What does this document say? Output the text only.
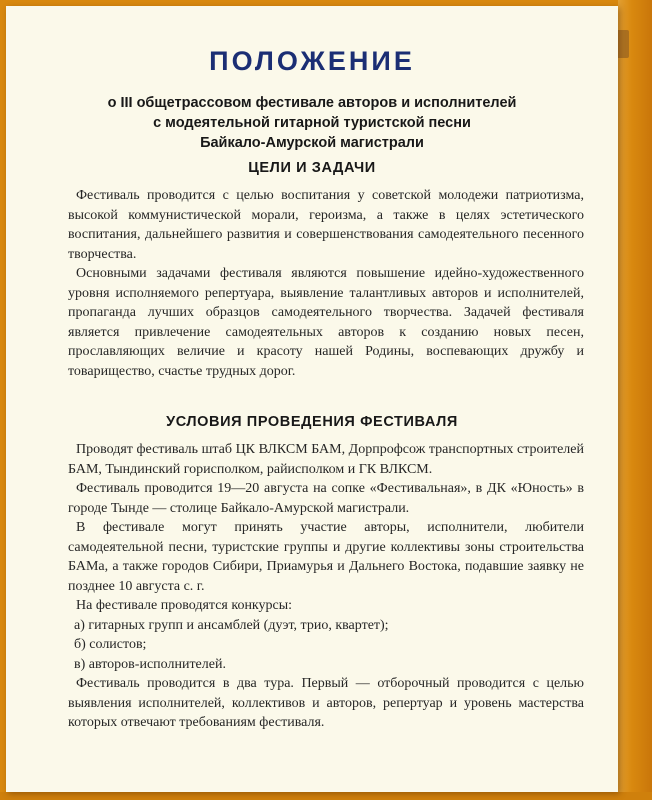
ПОЛОЖЕНИЕ
о III общетрассовом фестивале авторов и исполнителей
с модеятельной гитарной туристской песни
Байкало-Амурской магистрали
ЦЕЛИ И ЗАДАЧИ

Фестиваль проводится с целью воспитания у советской молодежи патриотизма, высокой коммунистической морали, героизма, а также в целях эстетического воспитания, дальнейшего развития и совершенствования самодеятельного песенного творчества.

Основными задачами фестиваля являются повышение идейно-художественного уровня исполняемого репертуара, выявление талантливых авторов и исполнителей, пропаганда лучших образцов самодеятельного творчества. Задачей фестиваля является привлечение самодеятельных авторов к созданию новых песен, прославляющих величие и красоту нашей Родины, воспевающих дружбу и товарищество, счастье трудных дорог.

УСЛОВИЯ ПРОВЕДЕНИЯ ФЕСТИВАЛЯ

Проводят фестиваль штаб ЦК ВЛКСМ БАМ, Дорпрофсож транспортных строителей БАМ, Тындинский горисполком, райисполком и ГК ВЛКСМ.

Фестиваль проводится 19—20 августа на сопке «Фестивальная», в ДК «Юность» в городе Тынде — столице Байкало-Амурской магистрали.

В фестивале могут принять участие авторы, исполнители, любители самодеятельной песни, туристские группы и другие коллективы зоны строительства БАМа, а также городов Сибири, Приамурья и Дальнего Востока, подавшие заявку не позднее 10 августа с. г.

На фестивале проводятся конкурсы:

а) гитарных групп и ансамблей (дуэт, трио, квартет);

б) солистов;

в) авторов-исполнителей.

Фестиваль проводится в два тура. Первый — отборочный проводится с целью выявления исполнителей, коллективов и авторов, репертуар и уровень мастерства которых отвечают требованиям фестиваля.
